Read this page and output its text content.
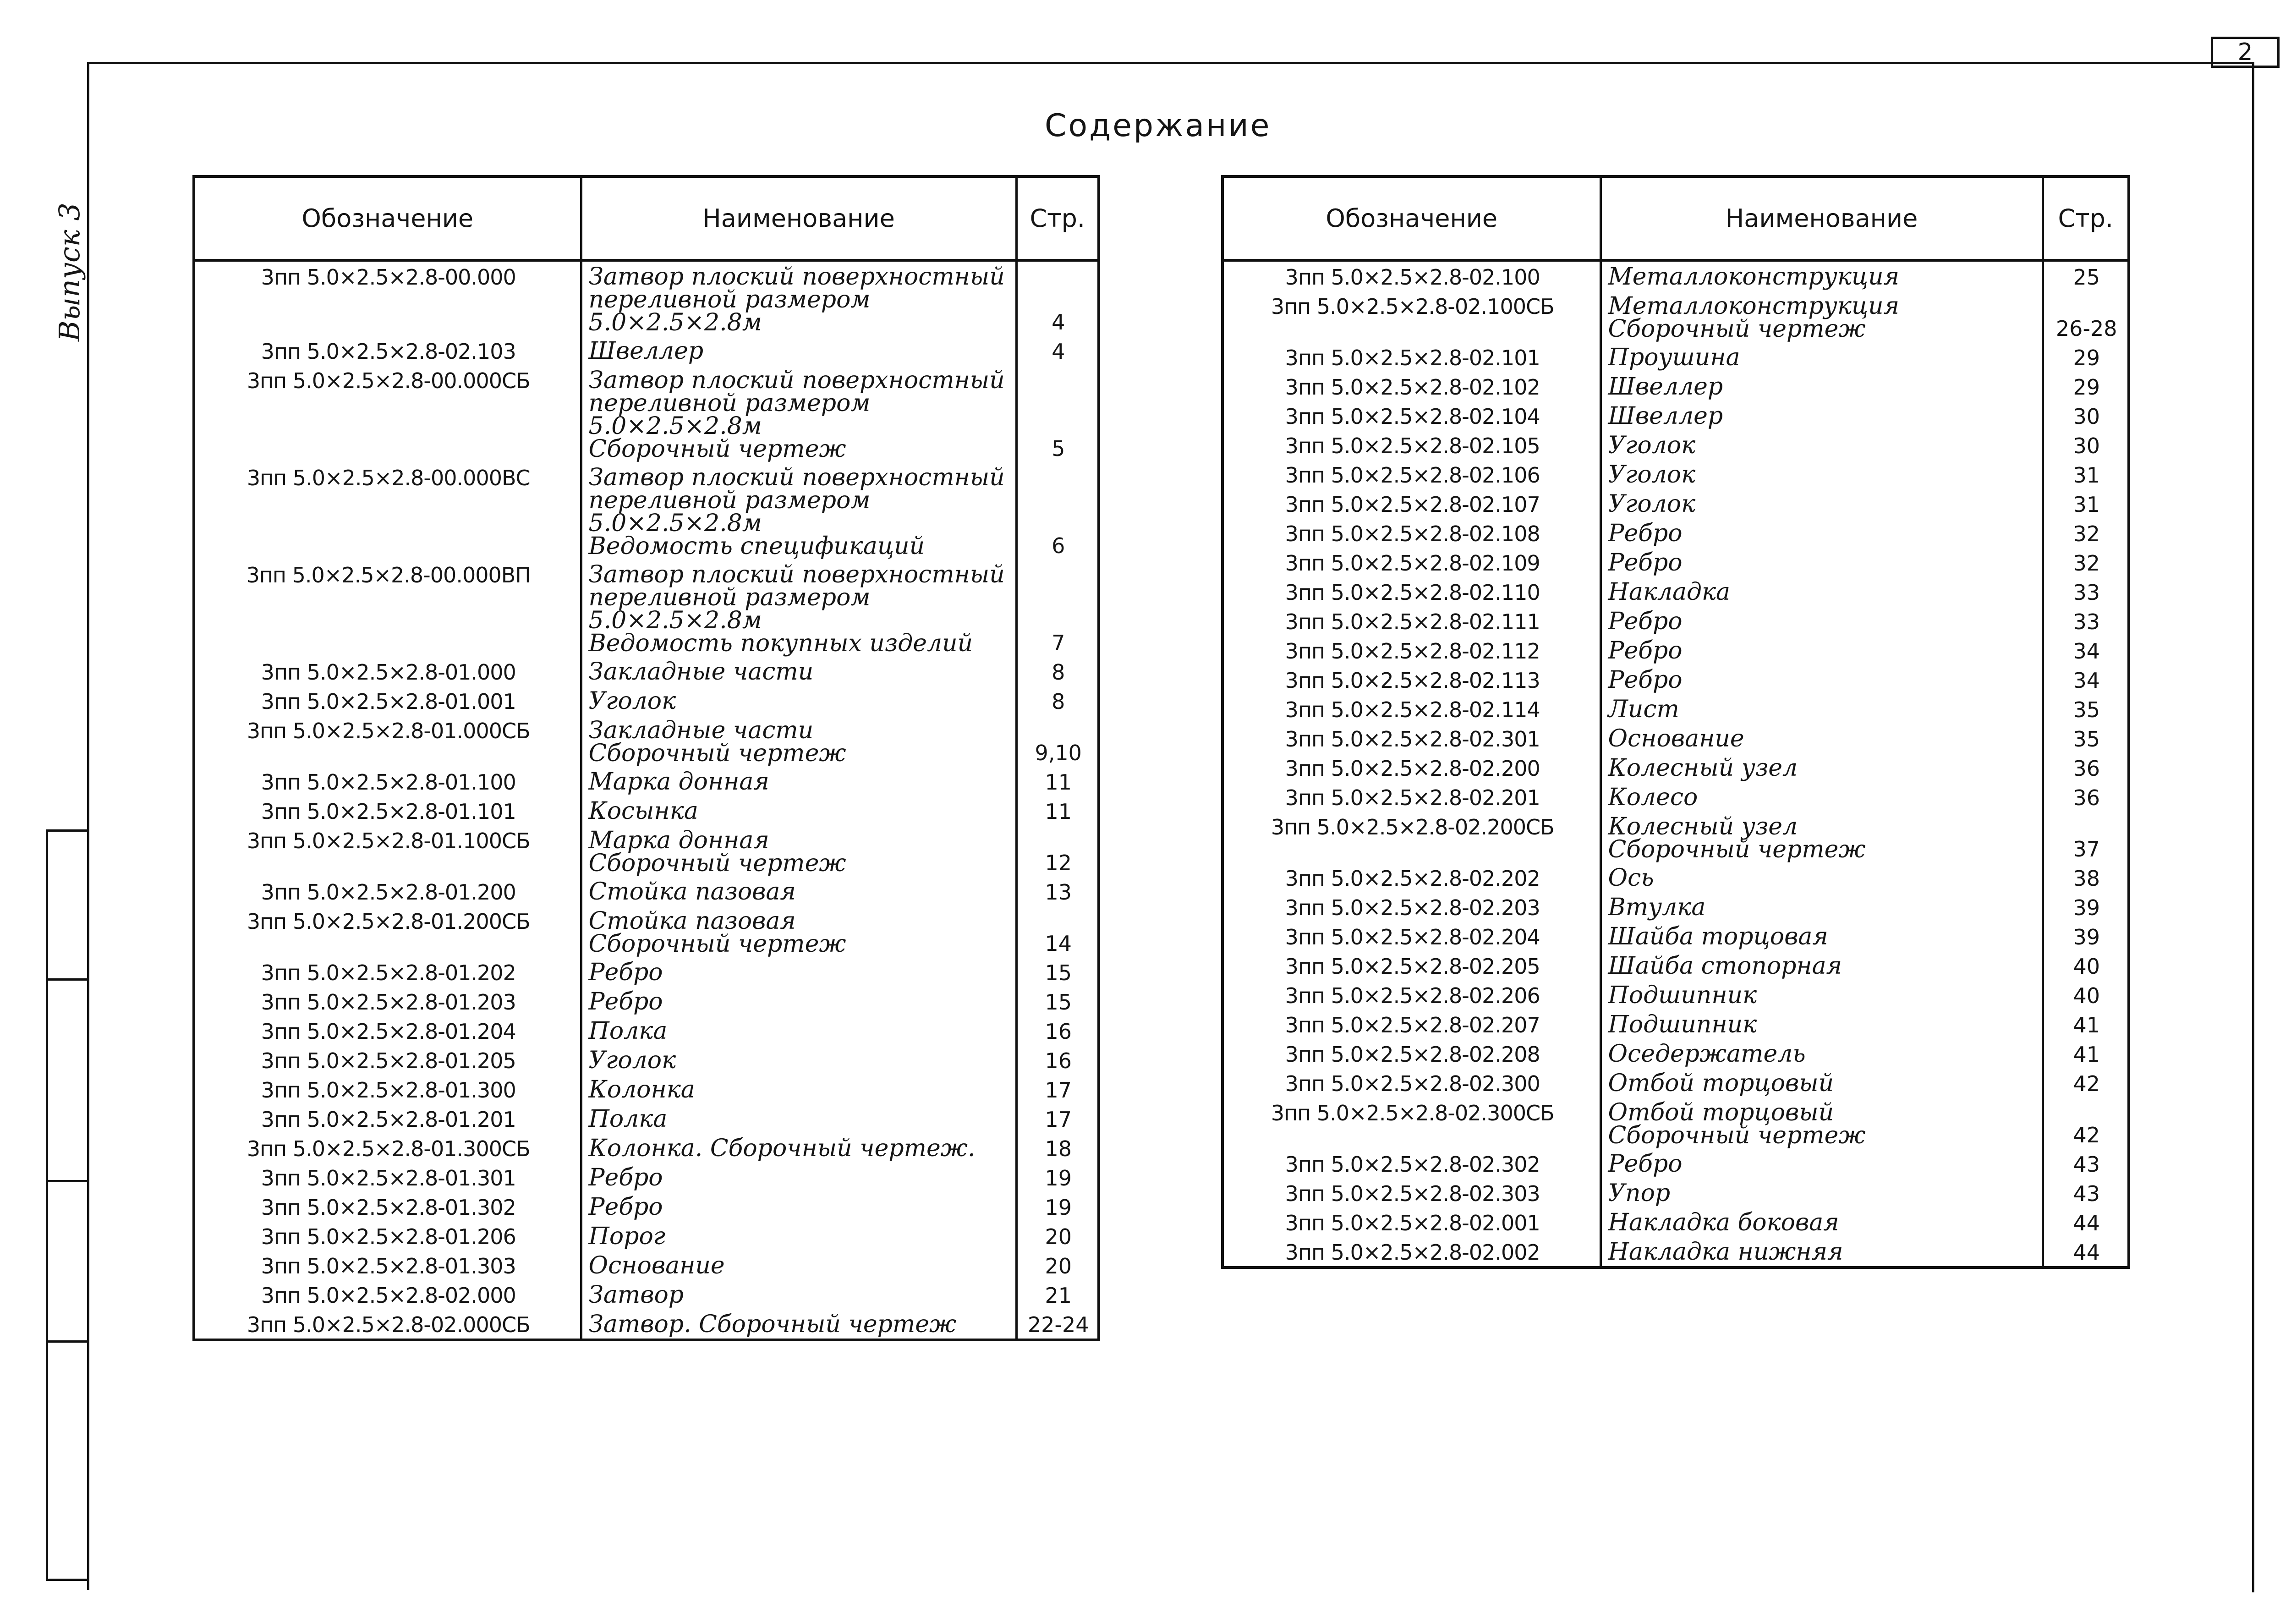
2
Выпуск 3
Содержание
Обозначение	Наименование	Стр.
3пп 5.0×2.5×2.8-00.000	Затвор плоский поверхностный
переливной размером 5.0×2.5×2.8м	4
3пп 5.0×2.5×2.8-02.103	Швеллер	4
3пп 5.0×2.5×2.8-00.000СБ	Затвор плоский поверхностный
переливной размером 5.0×2.5×2.8м
Сборочный чертеж	5
3пп 5.0×2.5×2.8-00.000ВС	Затвор плоский поверхностный
переливной размером 5.0×2.5×2.8м
Ведомость спецификаций	6
3пп 5.0×2.5×2.8-00.000ВП	Затвор плоский поверхностный
переливной размером 5.0×2.5×2.8м
Ведомость покупных изделий	7
3пп 5.0×2.5×2.8-01.000	Закладные части	8
3пп 5.0×2.5×2.8-01.001	Уголок	8
3пп 5.0×2.5×2.8-01.000СБ	Закладные части
Сборочный чертеж	9,10
3пп 5.0×2.5×2.8-01.100	Марка донная	11
3пп 5.0×2.5×2.8-01.101	Косынка	11
3пп 5.0×2.5×2.8-01.100СБ	Марка донная
Сборочный чертеж	12
3пп 5.0×2.5×2.8-01.200	Стойка пазовая	13
3пп 5.0×2.5×2.8-01.200СБ	Стойка пазовая
Сборочный чертеж	14
3пп 5.0×2.5×2.8-01.202	Ребро	15
3пп 5.0×2.5×2.8-01.203	Ребро	15
3пп 5.0×2.5×2.8-01.204	Полка	16
3пп 5.0×2.5×2.8-01.205	Уголок	16
3пп 5.0×2.5×2.8-01.300	Колонка	17
3пп 5.0×2.5×2.8-01.201	Полка	17
3пп 5.0×2.5×2.8-01.300СБ	Колонка. Сборочный чертеж.	18
3пп 5.0×2.5×2.8-01.301	Ребро	19
3пп 5.0×2.5×2.8-01.302	Ребро	19
3пп 5.0×2.5×2.8-01.206	Порог	20
3пп 5.0×2.5×2.8-01.303	Основание	20
3пп 5.0×2.5×2.8-02.000	Затвор	21
3пп 5.0×2.5×2.8-02.000СБ	Затвор. Сборочный чертеж	22-24
Обозначение	Наименование	Стр.
3пп 5.0×2.5×2.8-02.100	Металлоконструкция	25
3пп 5.0×2.5×2.8-02.100СБ	Металлоконструкция
Сборочный чертеж	26-28
3пп 5.0×2.5×2.8-02.101	Проушина	29
3пп 5.0×2.5×2.8-02.102	Швеллер	29
3пп 5.0×2.5×2.8-02.104	Швеллер	30
3пп 5.0×2.5×2.8-02.105	Уголок	30
3пп 5.0×2.5×2.8-02.106	Уголок	31
3пп 5.0×2.5×2.8-02.107	Уголок	31
3пп 5.0×2.5×2.8-02.108	Ребро	32
3пп 5.0×2.5×2.8-02.109	Ребро	32
3пп 5.0×2.5×2.8-02.110	Накладка	33
3пп 5.0×2.5×2.8-02.111	Ребро	33
3пп 5.0×2.5×2.8-02.112	Ребро	34
3пп 5.0×2.5×2.8-02.113	Ребро	34
3пп 5.0×2.5×2.8-02.114	Лист	35
3пп 5.0×2.5×2.8-02.301	Основание	35
3пп 5.0×2.5×2.8-02.200	Колесный узел	36
3пп 5.0×2.5×2.8-02.201	Колесо	36
3пп 5.0×2.5×2.8-02.200СБ	Колесный узел
Сборочный чертеж	37
3пп 5.0×2.5×2.8-02.202	Ось	38
3пп 5.0×2.5×2.8-02.203	Втулка	39
3пп 5.0×2.5×2.8-02.204	Шайба торцовая	39
3пп 5.0×2.5×2.8-02.205	Шайба стопорная	40
3пп 5.0×2.5×2.8-02.206	Подшипник	40
3пп 5.0×2.5×2.8-02.207	Подшипник	41
3пп 5.0×2.5×2.8-02.208	Оседержатель	41
3пп 5.0×2.5×2.8-02.300	Отбой торцовый	42
3пп 5.0×2.5×2.8-02.300СБ	Отбой торцовый
Сборочный чертеж	42
3пп 5.0×2.5×2.8-02.302	Ребро	43
3пп 5.0×2.5×2.8-02.303	Упор	43
3пп 5.0×2.5×2.8-02.001	Накладка боковая	44
3пп 5.0×2.5×2.8-02.002	Накладка нижняя	44
